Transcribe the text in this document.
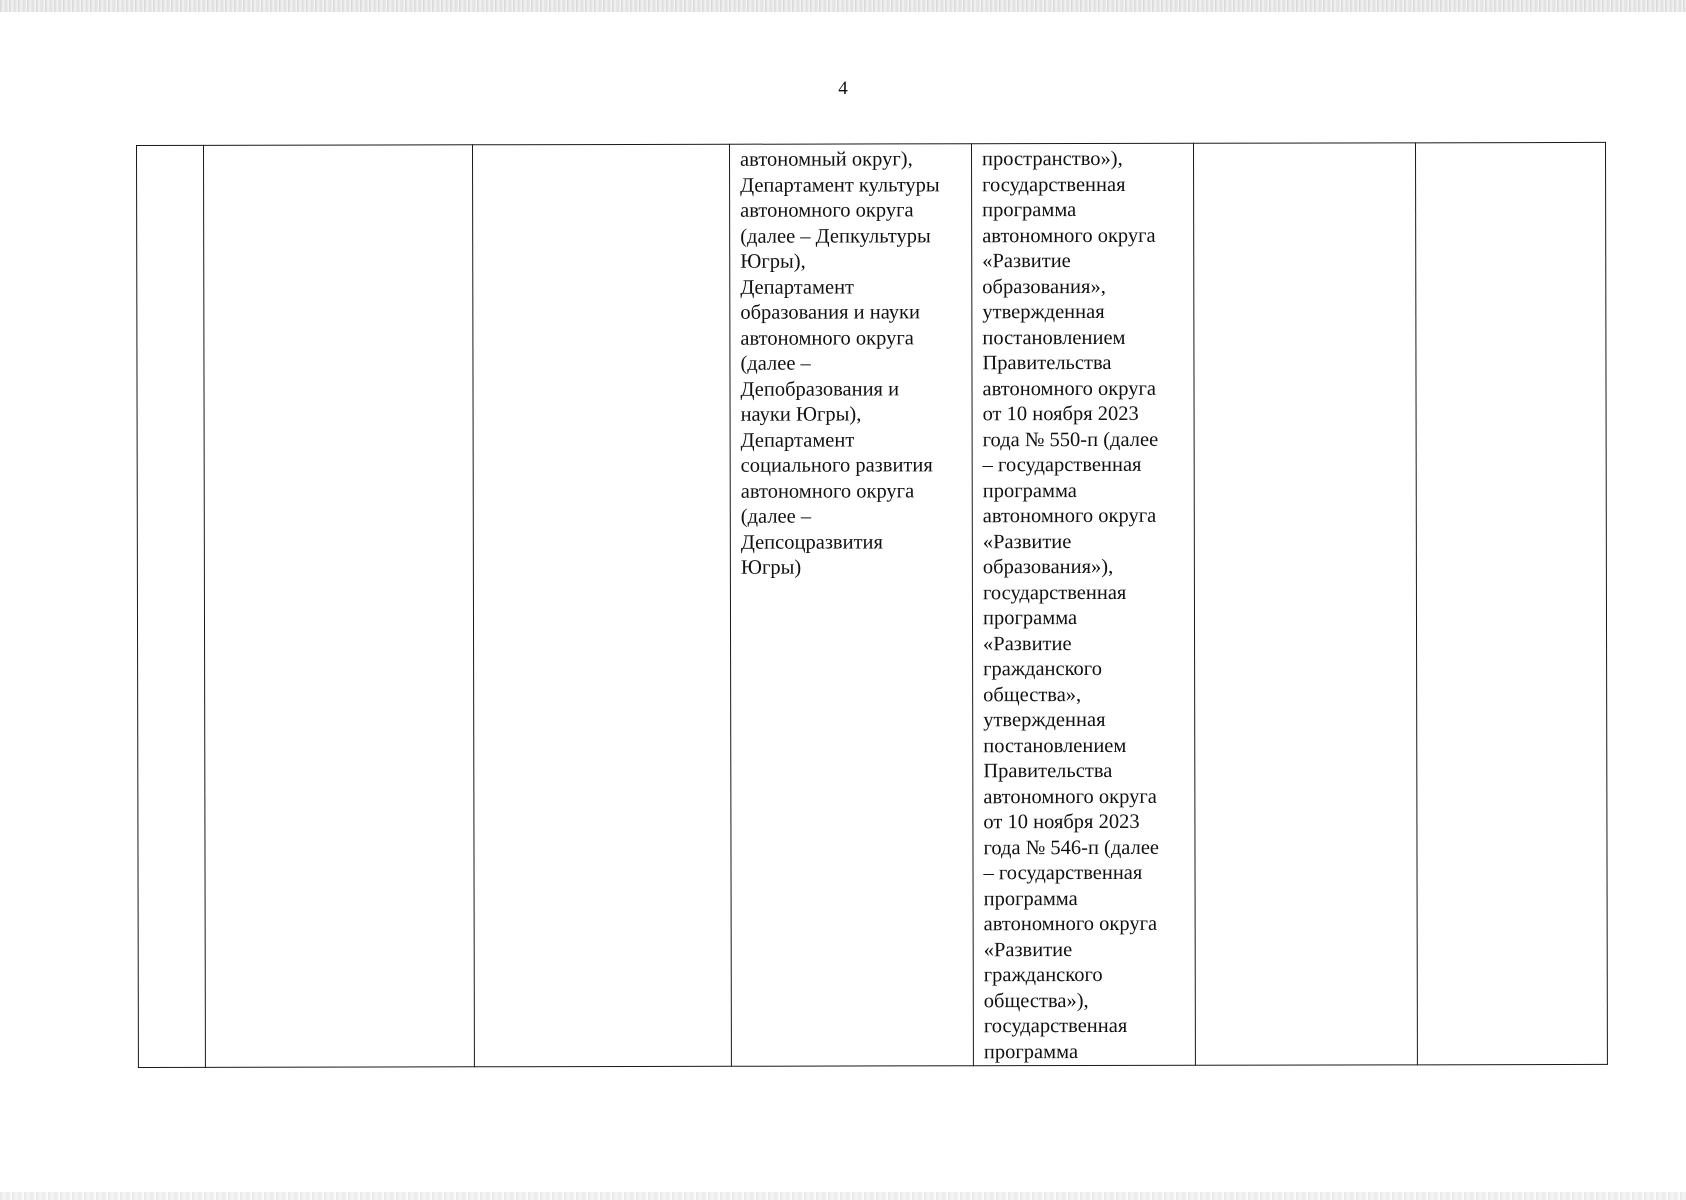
4
			автономный округ),
Департамент культуры
автономного округа
(далее – Депкультуры
Югры),
Департамент
образования и науки
автономного округа
(далее –
Депобразования и
науки Югры),
Департамент
социального развития
автономного округа
(далее –
Депсоцразвития
Югры)	пространство»),
государственная
программа
автономного округа
«Развитие
образования»,
утвержденная
постановлением
Правительства
автономного округа
от 10 ноября 2023
года № 550-п (далее
– государственная
программа
автономного округа
«Развитие
образования»),
государственная
программа
«Развитие
гражданского
общества»,
утвержденная
постановлением
Правительства
автономного округа
от 10 ноября 2023
года № 546-п (далее
– государственная
программа
автономного округа
«Развитие
гражданского
общества»),
государственная
программа		
